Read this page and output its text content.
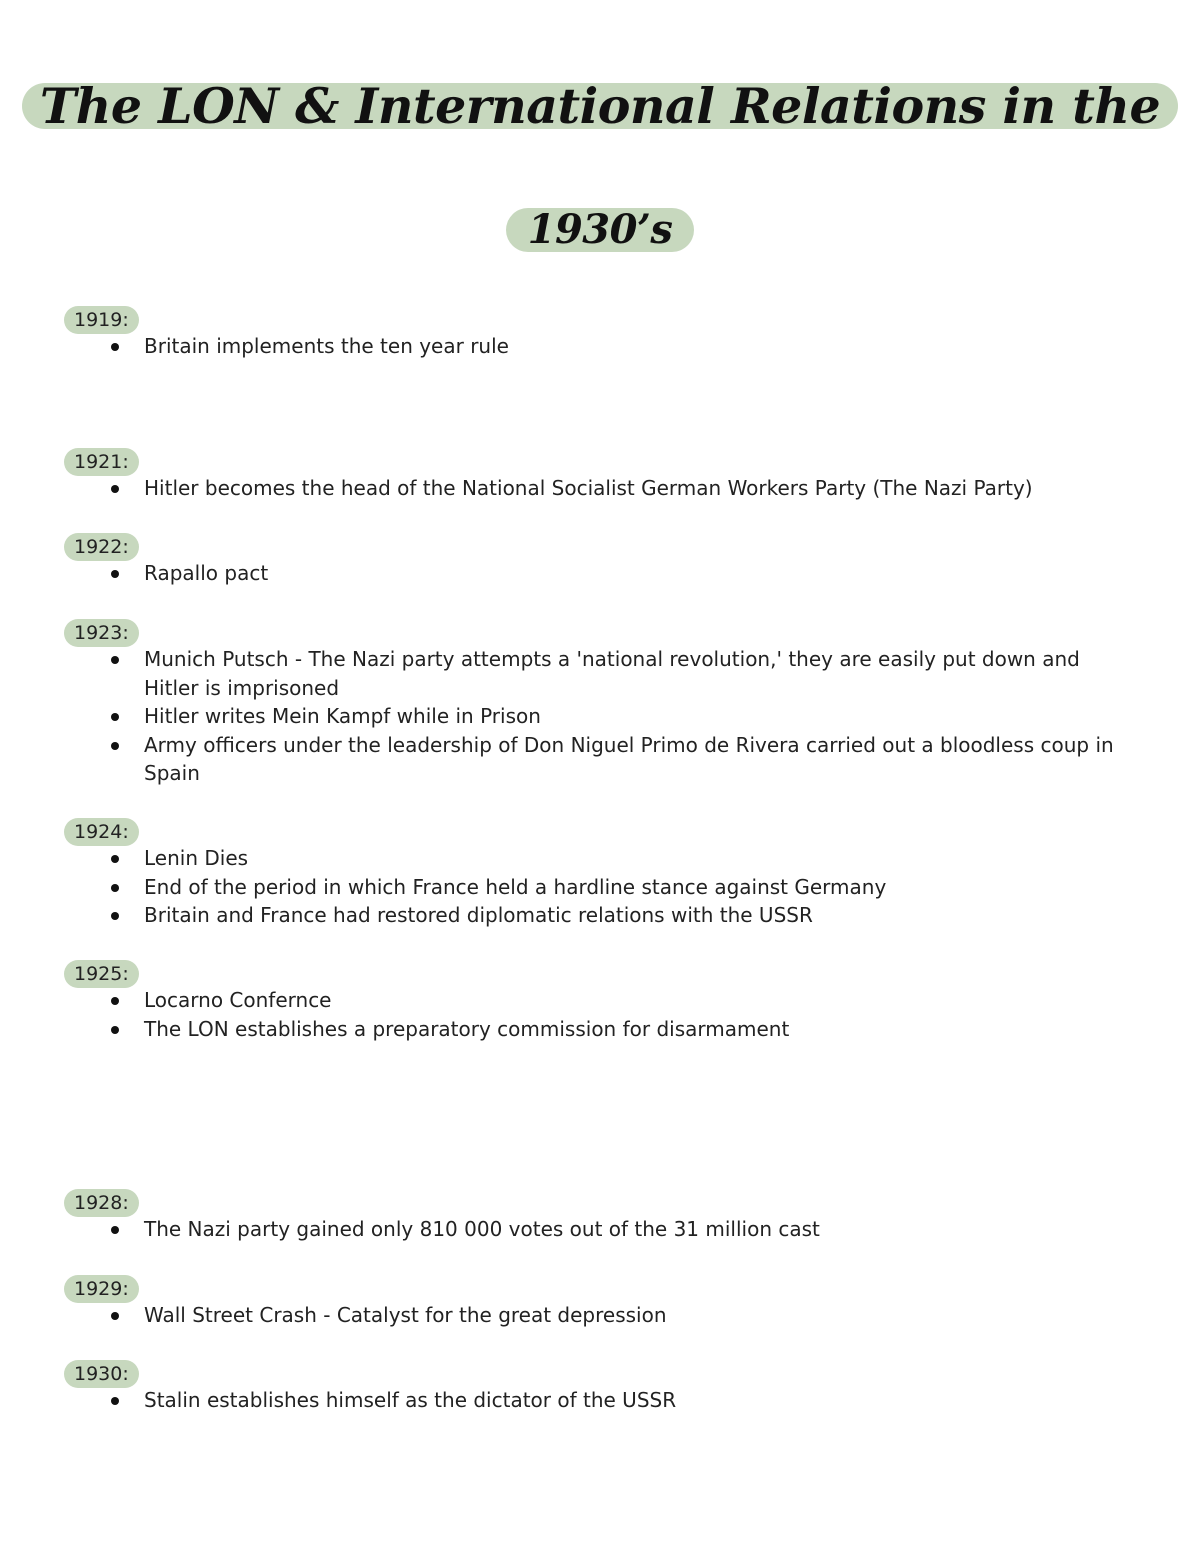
The LON & International Relations in the
1930’s
1919:
Britain implements the ten year rule
1921:
Hitler becomes the head of the National Socialist German Workers Party (The Nazi Party)
1922:
Rapallo pact
1923:
Munich Putsch - The Nazi party attempts a 'national revolution,' they are easily put down and Hitler is imprisoned
Hitler writes Mein Kampf while in Prison
Army officers under the leadership of Don Niguel Primo de Rivera carried out a bloodless coup in Spain
1924:
Lenin Dies
End of the period in which France held a hardline stance against Germany
Britain and France had restored diplomatic relations with the USSR
1925:
Locarno Confernce
The LON establishes a preparatory commission for disarmament
1928:
The Nazi party gained only 810 000 votes out of the 31 million cast
1929:
Wall Street Crash - Catalyst for the great depression
1930:
Stalin establishes himself as the dictator of the USSR
